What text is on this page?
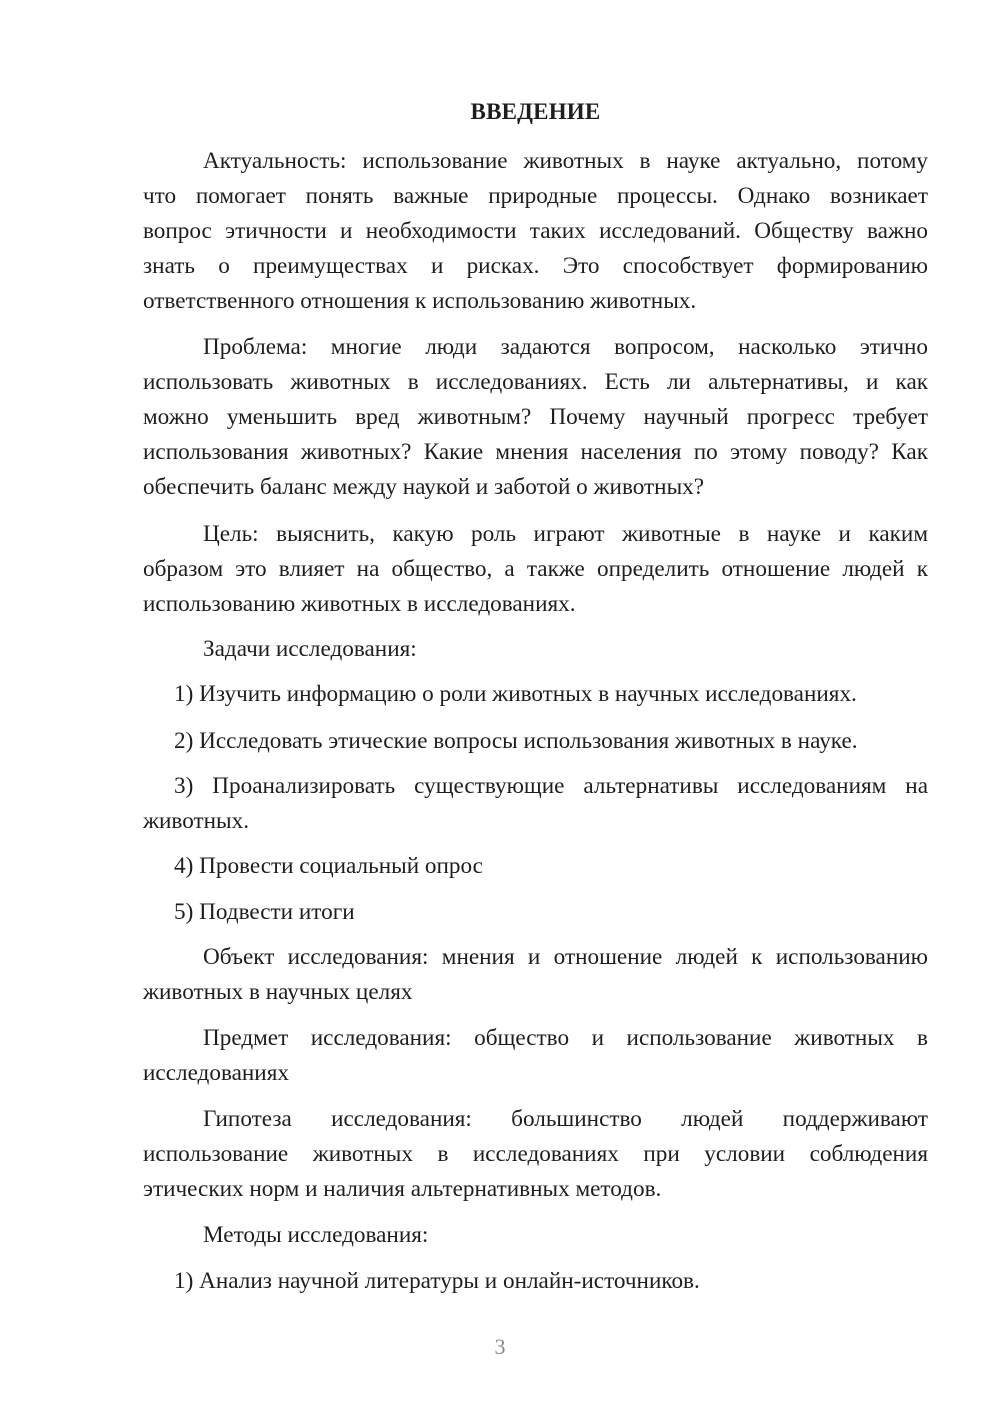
ВВЕДЕНИЕ
Актуальность: использование животных в науке актуально, потому
что помогает понять важные природные процессы. Однако возникает
вопрос этичности и необходимости таких исследований. Обществу важно
знать о преимуществах и рисках. Это способствует формированию
ответственного отношения к использованию животных.
Проблема: многие люди задаются вопросом, насколько этично
использовать животных в исследованиях. Есть ли альтернативы, и как
можно уменьшить вред животным? Почему научный прогресс требует
использования животных? Какие мнения населения по этому поводу? Как
обеспечить баланс между наукой и заботой о животных?
Цель: выяснить, какую роль играют животные в науке и каким
образом это влияет на общество, а также определить отношение людей к
использованию животных в исследованиях.
Задачи исследования:
1) Изучить информацию о роли животных в научных исследованиях.
2) Исследовать этические вопросы использования животных в науке.
3) Проанализировать существующие альтернативы исследованиям на
животных.
4) Провести социальный опрос
5) Подвести итоги
Объект исследования: мнения и отношение людей к использованию
животных в научных целях
Предмет исследования: общество и использование животных в
исследованиях
Гипотеза исследования: большинство людей поддерживают
использование животных в исследованиях при условии соблюдения
этических норм и наличия альтернативных методов.
Методы исследования:
1) Анализ научной литературы и онлайн-источников.
3
